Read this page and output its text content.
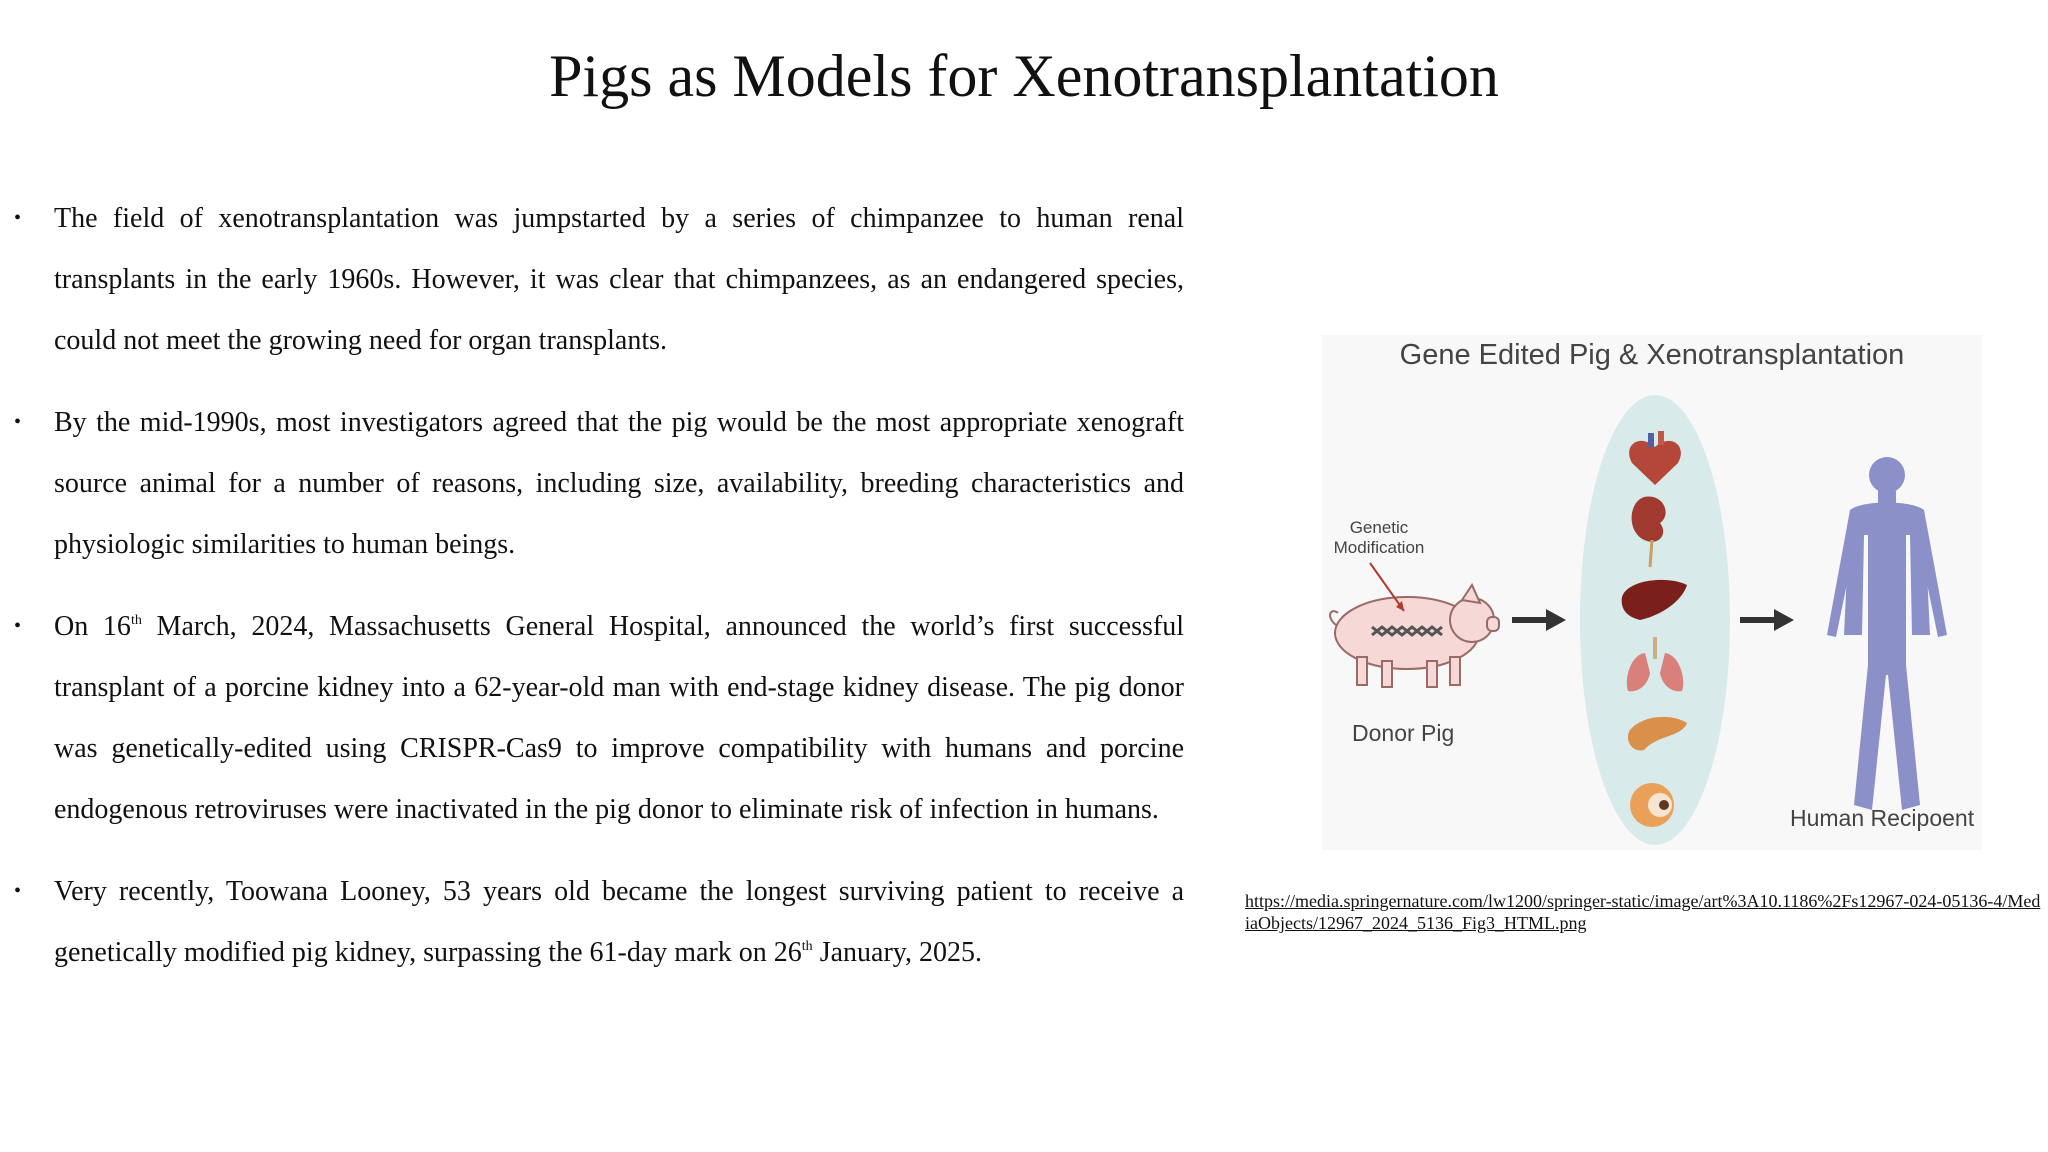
Pigs as Models for Xenotransplantation
• The field of xenotransplantation was jumpstarted by a series of chimpanzee to human renal transplants in the early 1960s. However, it was clear that chimpanzees, as an endangered species, could not meet the growing need for organ transplants.
• By the mid-1990s, most investigators agreed that the pig would be the most appropriate xenograft source animal for a number of reasons, including size, availability, breeding characteristics and physiologic similarities to human beings.
• On 16th March, 2024, Massachusetts General Hospital, announced the world’s first successful transplant of a porcine kidney into a 62-year-old man with end-stage kidney disease. The pig donor was genetically-edited using CRISPR-Cas9 to improve compatibility with humans and porcine endogenous retroviruses were inactivated in the pig donor to eliminate risk of infection in humans.
• Very recently, Toowana Looney, 53 years old became the longest surviving patient to receive a genetically modified pig kidney, surpassing the 61-day mark on 26th January, 2025.
Gene Edited Pig & Xenotransplantation
Genetic Modification
Donor Pig
Human Recipoent
https://media.springernature.com/lw1200/springer-static/image/art%3A10.1186%2Fs12967-024-05136-4/MediaObjects/12967_2024_5136_Fig3_HTML.png
